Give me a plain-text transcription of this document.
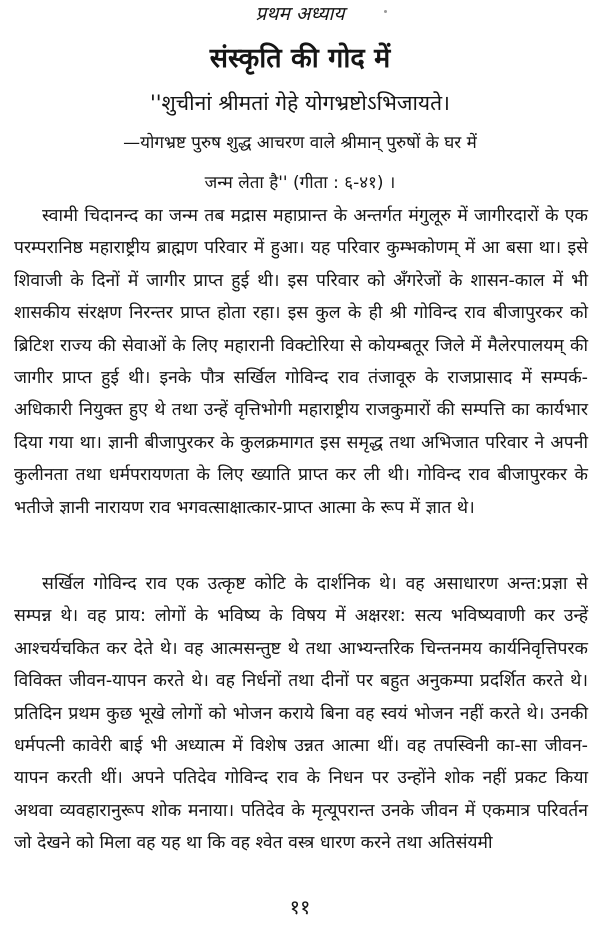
प्रथम अध्याय
संस्कृति की गोद में
''शुचीनां श्रीमतां गेहे योगभ्रष्टोऽभिजायते।
—योगभ्रष्ट पुरुष शुद्ध आचरण वाले श्रीमान् पुरुषों के घर में
जन्म लेता है'' (गीता : ६-४१) ।

स्वामी चिदानन्द का जन्म तब मद्रास महाप्रान्त के अन्तर्गत मंगुलूरु में जागीरदारों के एक परम्परानिष्ठ महाराष्ट्रीय ब्राह्मण परिवार में हुआ। यह परिवार कुम्भकोणम् में आ बसा था। इसे शिवाजी के दिनों में जागीर प्राप्त हुई थी। इस परिवार को अँगरेजों के शासन-काल में भी शासकीय संरक्षण निरन्तर प्राप्त होता रहा। इस कुल के ही श्री गोविन्द राव बीजापुरकर को ब्रिटिश राज्य की सेवाओं के लिए महारानी विक्टोरिया से कोयम्बतूर जिले में मैलेरपालयम् की जागीर प्राप्त हुई थी। इनके पौत्र सर्खिल गोविन्द राव तंजावूरु के राजप्रासाद में सम्पर्क-अधिकारी नियुक्त हुए थे तथा उन्हें वृत्तिभोगी महाराष्ट्रीय राजकुमारों की सम्पत्ति का कार्यभार दिया गया था। ज्ञानी बीजापुरकर के कुलक्रमागत इस समृद्ध तथा अभिजात परिवार ने अपनी कुलीनता तथा धर्मपरायणता के लिए ख्याति प्राप्त कर ली थी। गोविन्द राव बीजापुरकर के भतीजे ज्ञानी नारायण राव भगवत्साक्षात्कार-प्राप्त आत्मा के रूप में ज्ञात थे।

सर्खिल गोविन्द राव एक उत्कृष्ट कोटि के दार्शनिक थे। वह असाधारण अन्त:प्रज्ञा से सम्पन्न थे। वह प्राय: लोगों के भविष्य के विषय में अक्षरश: सत्य भविष्यवाणी कर उन्हें आश्चर्यचकित कर देते थे। वह आत्मसन्तुष्ट थे तथा आभ्यन्तरिक चिन्तनमय कार्यनिवृत्तिपरक विविक्त जीवन-यापन करते थे। वह निर्धनों तथा दीनों पर बहुत अनुकम्पा प्रदर्शित करते थे। प्रतिदिन प्रथम कुछ भूखे लोगों को भोजन कराये बिना वह स्वयं भोजन नहीं करते थे। उनकी धर्मपत्नी कावेरी बाई भी अध्यात्म में विशेष उन्नत आत्मा थीं। वह तपस्विनी का-सा जीवन-यापन करती थीं। अपने पतिदेव गोविन्द राव के निधन पर उन्होंने शोक नहीं प्रकट किया अथवा व्यवहारानुरूप शोक मनाया। पतिदेव के मृत्यूपरान्त उनके जीवन में एकमात्र परिवर्तन जो देखने को मिला वह यह था कि वह श्वेत वस्त्र धारण करने तथा अतिसंयमी

११
